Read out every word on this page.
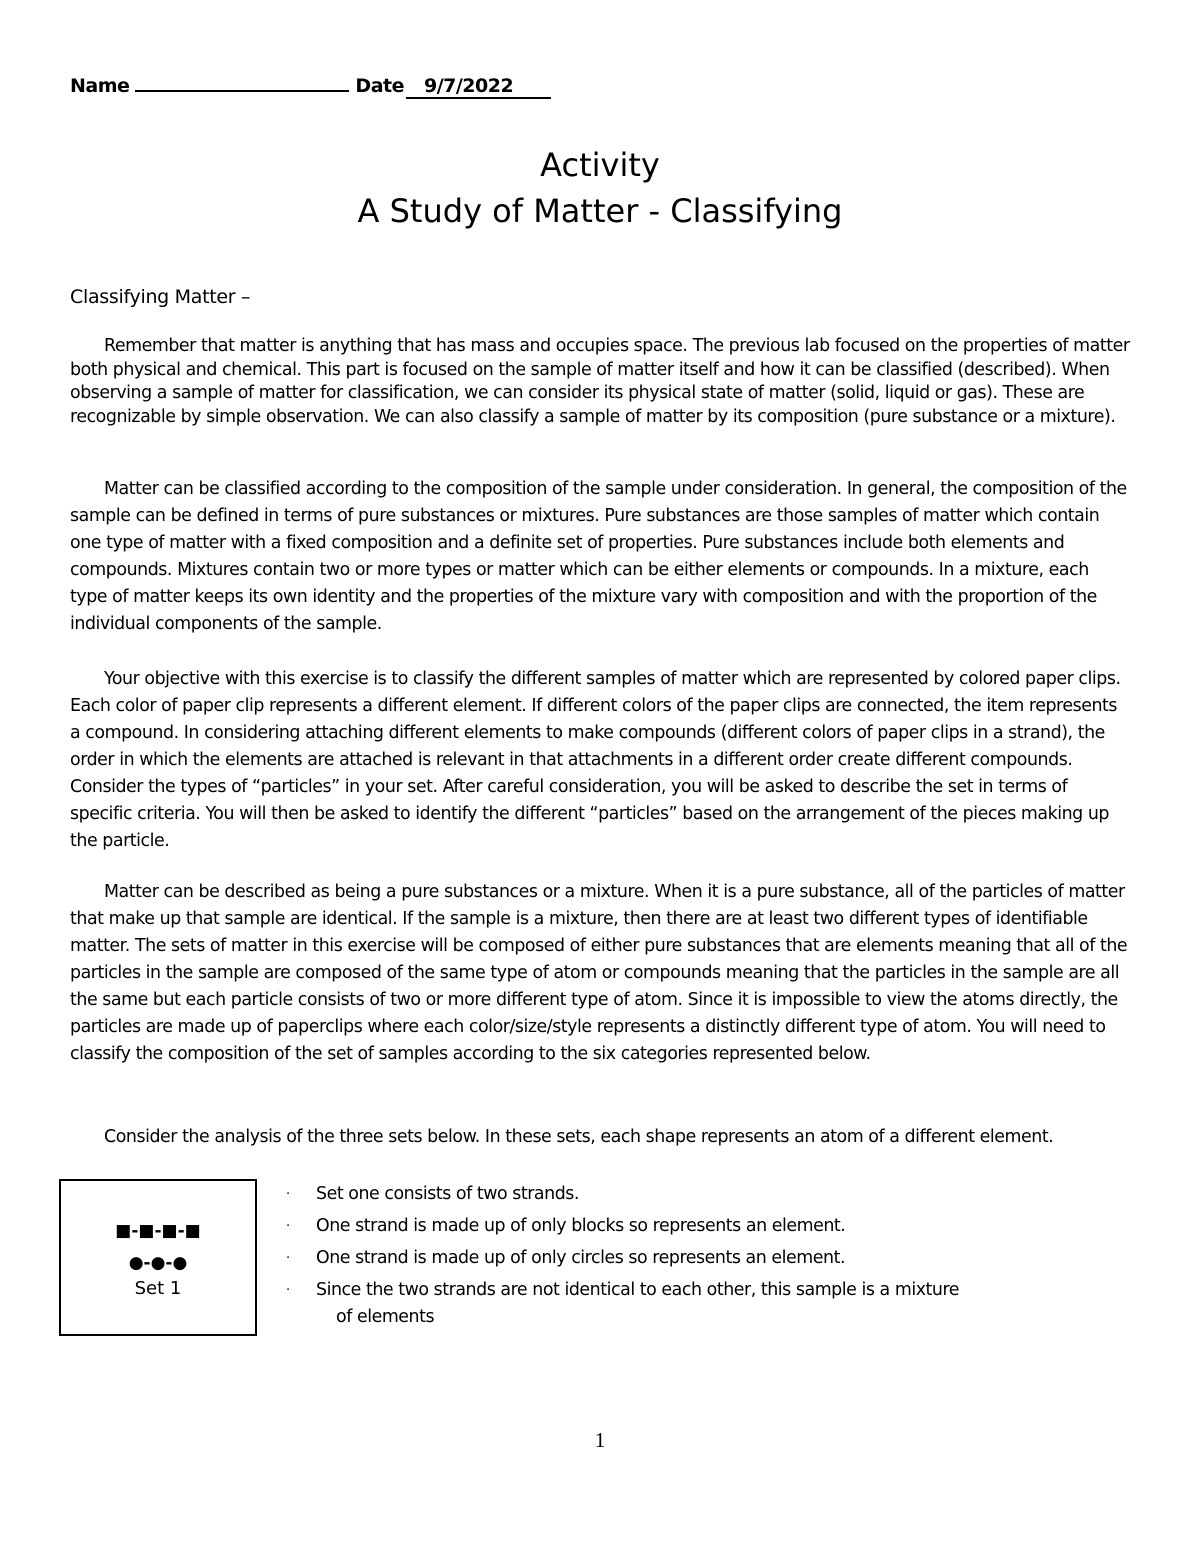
Name	Date 9/7/2022
Activity
A Study of Matter - Classifying
Classifying Matter –

Remember that matter is anything that has mass and occupies space. The previous lab focused on the properties of matter both physical and chemical. This part is focused on the sample of matter itself and how it can be classified (described). When observing a sample of matter for classification, we can consider its physical state of matter (solid, liquid or gas). These are recognizable by simple observation. We can also classify a sample of matter by its composition (pure substance or a mixture).

Matter can be classified according to the composition of the sample under consideration. In general, the composition of the sample can be defined in terms of pure substances or mixtures. Pure substances are those samples of matter which contain one type of matter with a fixed composition and a definite set of properties. Pure substances include both elements and compounds. Mixtures contain two or more types or matter which can be either elements or compounds. In a mixture, each type of matter keeps its own identity and the properties of the mixture vary with composition and with the proportion of the individual components of the sample.

Your objective with this exercise is to classify the different samples of matter which are represented by colored paper clips. Each color of paper clip represents a different element. If different colors of the paper clips are connected, the item represents a compound. In considering attaching different elements to make compounds (different colors of paper clips in a strand), the order in which the elements are attached is relevant in that attachments in a different order create different compounds. Consider the types of “particles” in your set. After careful consideration, you will be asked to describe the set in terms of specific criteria. You will then be asked to identify the different “particles” based on the arrangement of the pieces making up the particle.

Matter can be described as being a pure substances or a mixture. When it is a pure substance, all of the particles of matter that make up that sample are identical. If the sample is a mixture, then there are at least two different types of identifiable matter. The sets of matter in this exercise will be composed of either pure substances that are elements meaning that all of the particles in the sample are composed of the same type of atom or compounds meaning that the particles in the sample are all the same but each particle consists of two or more different type of atom. Since it is impossible to view the atoms directly, the particles are made up of paperclips where each color/size/style represents a distinctly different type of atom. You will need to classify the composition of the set of samples according to the six categories represented below.

Consider the analysis of the three sets below. In these sets, each shape represents an atom of a different element.

■-■-■-■
●-●-●
Set 1
· Set one consists of two strands.
· One strand is made up of only blocks so represents an element.
· One strand is made up of only circles so represents an element.
· Since the two strands are not identical to each other, this sample is a mixture
of elements
1
